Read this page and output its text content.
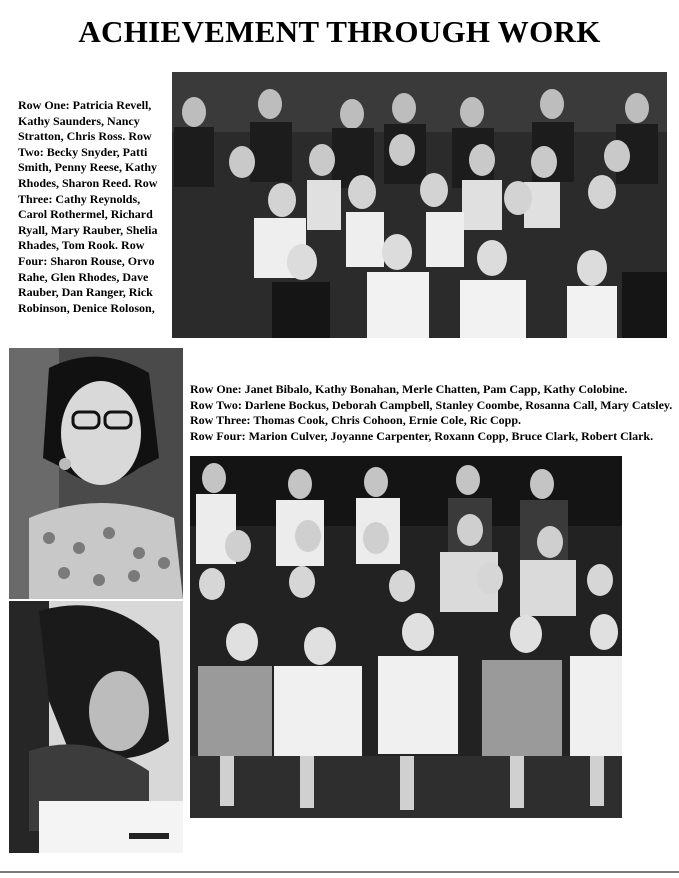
ACHIEVEMENT THROUGH WORK
Row One: Patricia Revell, Kathy Saunders, Nancy Stratton, Chris Ross. Row Two: Becky Snyder, Patti Smith, Penny Reese, Kathy Rhodes, Sharon Reed. Row Three: Cathy Reynolds, Carol Rothermel, Richard Ryall, Mary Rauber, Shelia Rhades, Tom Rook. Row Four: Sharon Rouse, Orvo Rahe, Glen Rhodes, Dave Rauber, Dan Ranger, Rick Robinson, Denice Roloson,
Row One: Janet Bibalo, Kathy Bonahan, Merle Chatten, Pam Capp, Kathy Colobine.
Row Two: Darlene Bockus, Deborah Campbell, Stanley Coombe, Rosanna Call, Mary Catsley.
Row Three: Thomas Cook, Chris Cohoon, Ernie Cole, Ric Copp.
Row Four: Marion Culver, Joyanne Carpenter, Roxann Copp, Bruce Clark, Robert Clark.
